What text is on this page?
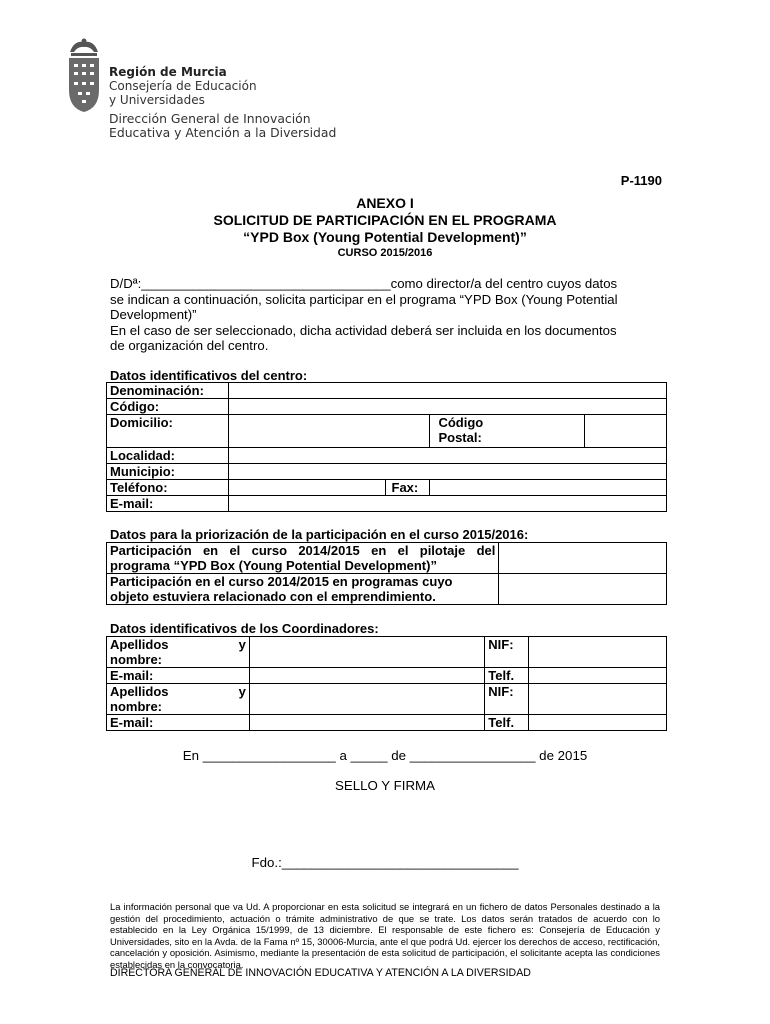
Región de Murcia
Consejería de Educación
y Universidades
Dirección General de Innovación
Educativa y Atención a la Diversidad
P-1190
ANEXO I
SOLICITUD DE PARTICIPACIÓN EN EL PROGRAMA
“YPD Box (Young Potential Development)”
CURSO 2015/2016
D/Dª:__________________________________como director/a del centro cuyos datos
se indican a continuación, solicita participar en el programa “YPD Box (Young Potential
Development)”
En el caso de ser seleccionado, dicha actividad deberá ser incluida en los documentos
de organización del centro.
Datos identificativos del centro:
Denominación:				
Código:				
Domicilio:			Código
Postal:	

Localidad:				
Municipio:				
Teléfono:		Fax:		
E-mail:				
Datos para la priorización de la participación en el curso 2015/2016:
Participación en el curso 2014/2015 en el pilotaje del
programa “YPD Box (Young Potential Development)”	

Participación en el curso 2014/2015 en programas cuyo
objeto estuviera relacionado con el emprendimiento.	

Datos identificativos de los Coordinadores:
Apellidos y
nombre:		NIF:	
E-mail:		Telf.	

Apellidos y
nombre:		NIF:	
E-mail:		Telf.	
En __________________ a _____ de _________________ de 2015
SELLO Y FIRMA
Fdo.:________________________________
La información personal que va Ud. A proporcionar en esta solicitud se integrará en un fichero de datos Personales destinado a la gestión del procedimiento, actuación o trámite administrativo de que se trate. Los datos serán tratados de acuerdo con lo establecido en la Ley Orgánica 15/1999, de 13 diciembre. El responsable de este fichero es: Consejería de Educación y Universidades, sito en la Avda. de la Fama nº 15, 30006-Murcia, ante el que podrá Ud. ejercer los derechos de acceso, rectificación, cancelación y oposición. Asimismo, mediante la presentación de esta solicitud de participación, el solicitante acepta las condiciones establecidas en la convocatoria.
DIRECTORA GENERAL DE INNOVACIÓN EDUCATIVA Y ATENCIÓN A LA DIVERSIDAD
